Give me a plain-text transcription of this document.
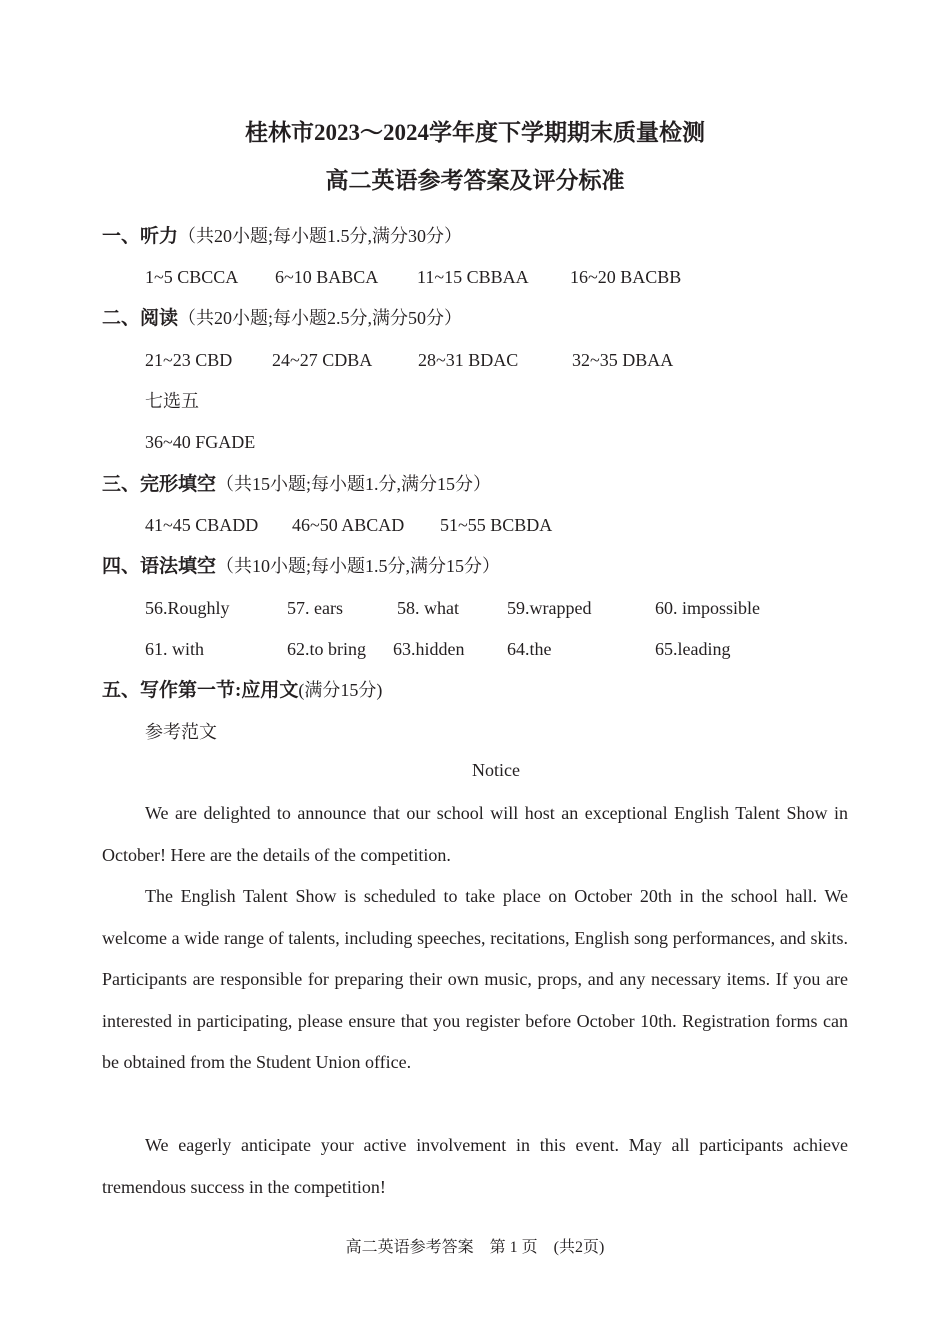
桂林市2023～2024学年度下学期期末质量检测
高二英语参考答案及评分标准
一、听力（共20小题;每小题1.5分,满分30分）
1~5 CBCCA 6~10 BABCA 11~15 CBBAA 16~20 BACBB
二、阅读（共20小题;每小题2.5分,满分50分）
21~23 CBD 24~27 CDBA	28~31 BDAC	32~35 DBAA
七选五
36~40 FGADE
三、完形填空（共15小题;每小题1.分,满分15分）
41~45 CBADD 46~50 ABCAD 51~55 BCBDA
四、语法填空（共10小题;每小题1.5分,满分15分）
56.Roughly	57. ears	58. what	59.wrapped	60. impossible
61. with	62.to bring 63.hidden 64.the	65.leading
五、写作第一节:应用文(满分15分)
参考范文
Notice
We are delighted to announce that our school will host an exceptional English Talent Show in October! Here are the details of the competition.
The English Talent Show is scheduled to take place on October 20th in the school hall. We welcome a wide range of talents, including speeches, recitations, English song performances, and skits. Participants are responsible for preparing their own music, props, and any necessary items. If you are interested in participating, please ensure that you register before October 10th. Registration forms can be obtained from the Student Union office.
We eagerly anticipate your active involvement in this event. May all participants achieve tremendous success in the competition!
高二英语参考答案　第 1 页　(共2页)
